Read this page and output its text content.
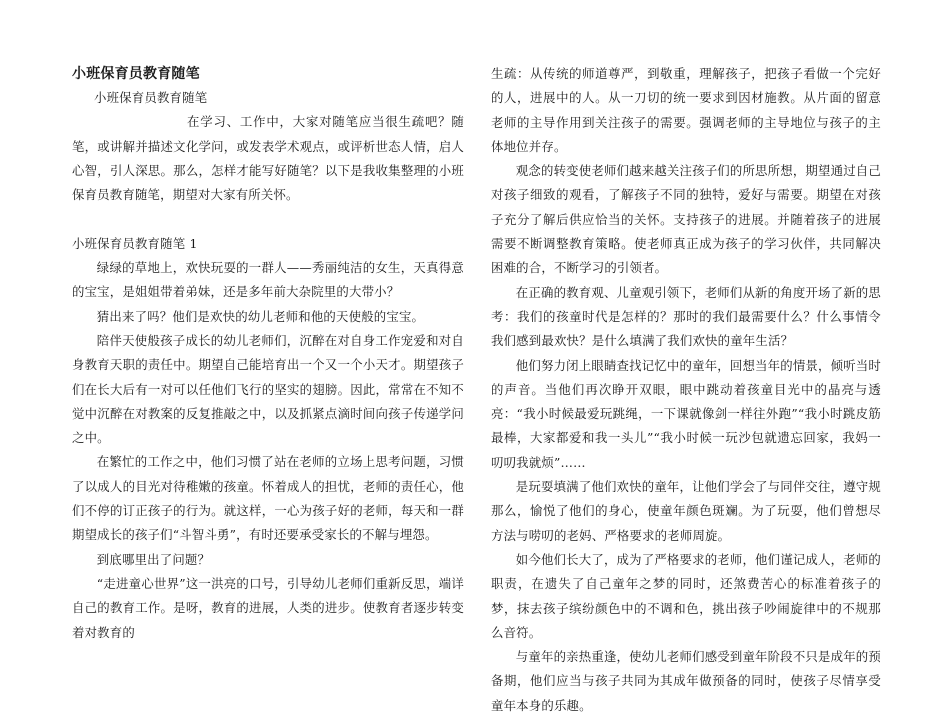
小班保育员教育随笔

小班保育员教育随笔

在学习、工作中，大家对随笔应当很生疏吧？随笔，或讲解并描述文化学问，或发表学术观点，或评析世态人情，启人心智，引人深思。那么，怎样才能写好随笔？以下是我收集整理的小班保育员教育随笔，期望对大家有所关怀。

小班保育员教育随笔 1

绿绿的草地上，欢快玩耍的一群人——秀丽纯洁的女生，天真得意的宝宝，是姐姐带着弟妹，还是多年前大杂院里的大带小？

猜出来了吗？他们是欢快的幼儿老师和他的天使般的宝宝。

陪伴天使般孩子成长的幼儿老师们，沉醉在对自身工作宠爱和对自身教育天职的责任中。期望自己能培育出一个又一个小天才。期望孩子们在长大后有一对可以任他们飞行的坚实的翅膀。因此，常常在不知不觉中沉醉在对教案的反复推敲之中，以及抓紧点滴时间向孩子传递学问之中。

在繁忙的工作之中，他们习惯了站在老师的立场上思考问题，习惯了以成人的目光对待稚嫩的孩童。怀着成人的担忧，老师的责任心，他们不停的订正孩子的行为。就这样，一心为孩子好的老师，每天和一群期望成长的孩子们“斗智斗勇”，有时还要承受家长的不解与埋怨。

到底哪里出了问题？

“走进童心世界”这一洪亮的口号，引导幼儿老师们重新反思，端详自己的教育工作。是呀，教育的进展，人类的进步。使教育者逐步转变着对教育的

生疏：从传统的师道尊严，到敬重，理解孩子，把孩子看做一个完好的人，进展中的人。从一刀切的统一要求到因材施教。从片面的留意老师的主导作用到关注孩子的需要。强调老师的主导地位与孩子的主体地位并存。

观念的转变使老师们越来越关注孩子们的所思所想，期望通过自己对孩子细致的观看，了解孩子不同的独特，爱好与需要。期望在对孩子充分了解后供应恰当的关怀。支持孩子的进展。并随着孩子的进展需要不断调整教育策略。使老师真正成为孩子的学习伙伴，共同解决困难的合，不断学习的引领者。

在正确的教育观、儿童观引领下，老师们从新的角度开场了新的思考：我们的孩童时代是怎样的？那时的我们最需要什么？什么事情令我们感到最欢快？是什么填满了我们欢快的童年生活？

他们努力闭上眼睛查找记忆中的童年，回想当年的情景，倾听当时的声音。当他们再次睁开双眼，眼中跳动着孩童目光中的晶亮与透亮：“我小时候最爱玩跳绳，一下课就像剑一样往外跑”“我小时跳皮筋最棒，大家都爱和我一头儿”“我小时候一玩沙包就遗忘回家，我妈一叨叨我就烦”……

是玩耍填满了他们欢快的童年，让他们学会了与同伴交往，遵守规那么，愉悦了他们的身心，使童年颜色斑斓。为了玩耍，他们曾想尽方法与唠叨的老妈、严格要求的老师周旋。

如今他们长大了，成为了严格要求的老师，他们谨记成人，老师的职责，在遗失了自己童年之梦的同时，还煞费苦心的标准着孩子的梦，抹去孩子缤纷颜色中的不调和色，挑出孩子吵闹旋律中的不规那么音符。

与童年的亲热重逢，使幼儿老师们感受到童年阶段不只是成年的预备期，他们应当与孩子共同为其成年做预备的同时，使孩子尽情享受童年本身的乐趣。
